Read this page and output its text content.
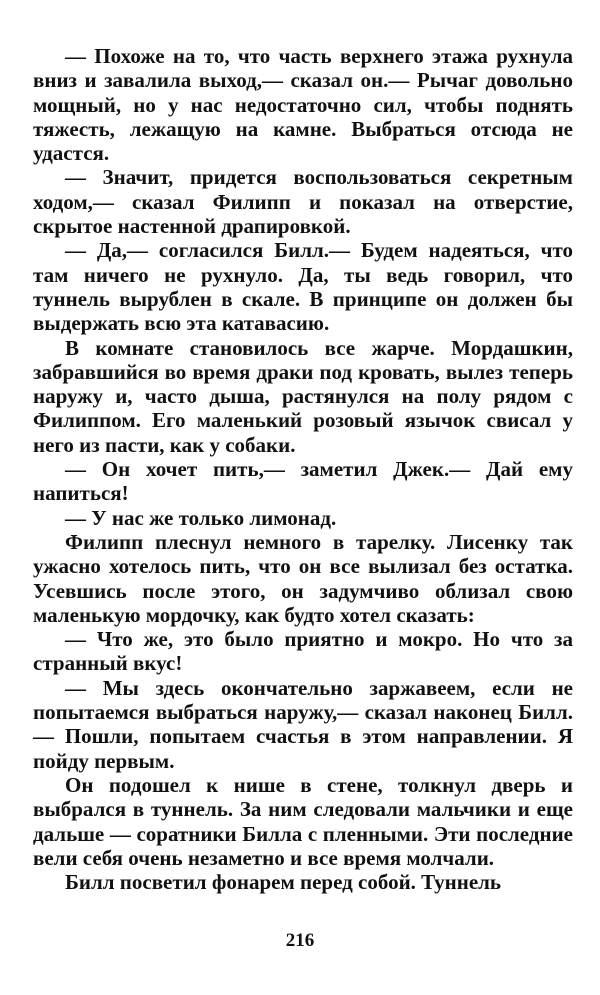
— Похоже на то, что часть верхнего этажа рухнула вниз и завалила выход,— сказал он.— Рычаг довольно мощный, но у нас недостаточно сил, чтобы поднять тяжесть, лежащую на камне. Выбраться отсюда не удастся.

— Значит, придется воспользоваться секретным ходом,— сказал Филипп и показал на отверстие, скрытое настенной драпировкой.

— Да,— согласился Билл.— Будем надеяться, что там ничего не рухнуло. Да, ты ведь говорил, что туннель вырублен в скале. В принципе он должен бы выдержать всю эта катавасию.

В комнате становилось все жарче. Мордашкин, забравшийся во время драки под кровать, вылез теперь наружу и, часто дыша, растянулся на полу рядом с Филиппом. Его маленький розовый язычок свисал у него из пасти, как у собаки.

— Он хочет пить,— заметил Джек.— Дай ему напиться!

— У нас же только лимонад.

Филипп плеснул немного в тарелку. Лисенку так ужасно хотелось пить, что он все вылизал без остатка. Усевшись после этого, он задумчиво облизал свою маленькую мордочку, как будто хотел сказать:

— Что же, это было приятно и мокро. Но что за странный вкус!

— Мы здесь окончательно заржавеем, если не попытаемся выбраться наружу,— сказал наконец Билл.— Пошли, попытаем счастья в этом направлении. Я пойду первым.

Он подошел к нише в стене, толкнул дверь и выбрался в туннель. За ним следовали мальчики и еще дальше — соратники Билла с пленными. Эти последние вели себя очень незаметно и все время молчали.

Билл посветил фонарем перед собой. Туннель

216
